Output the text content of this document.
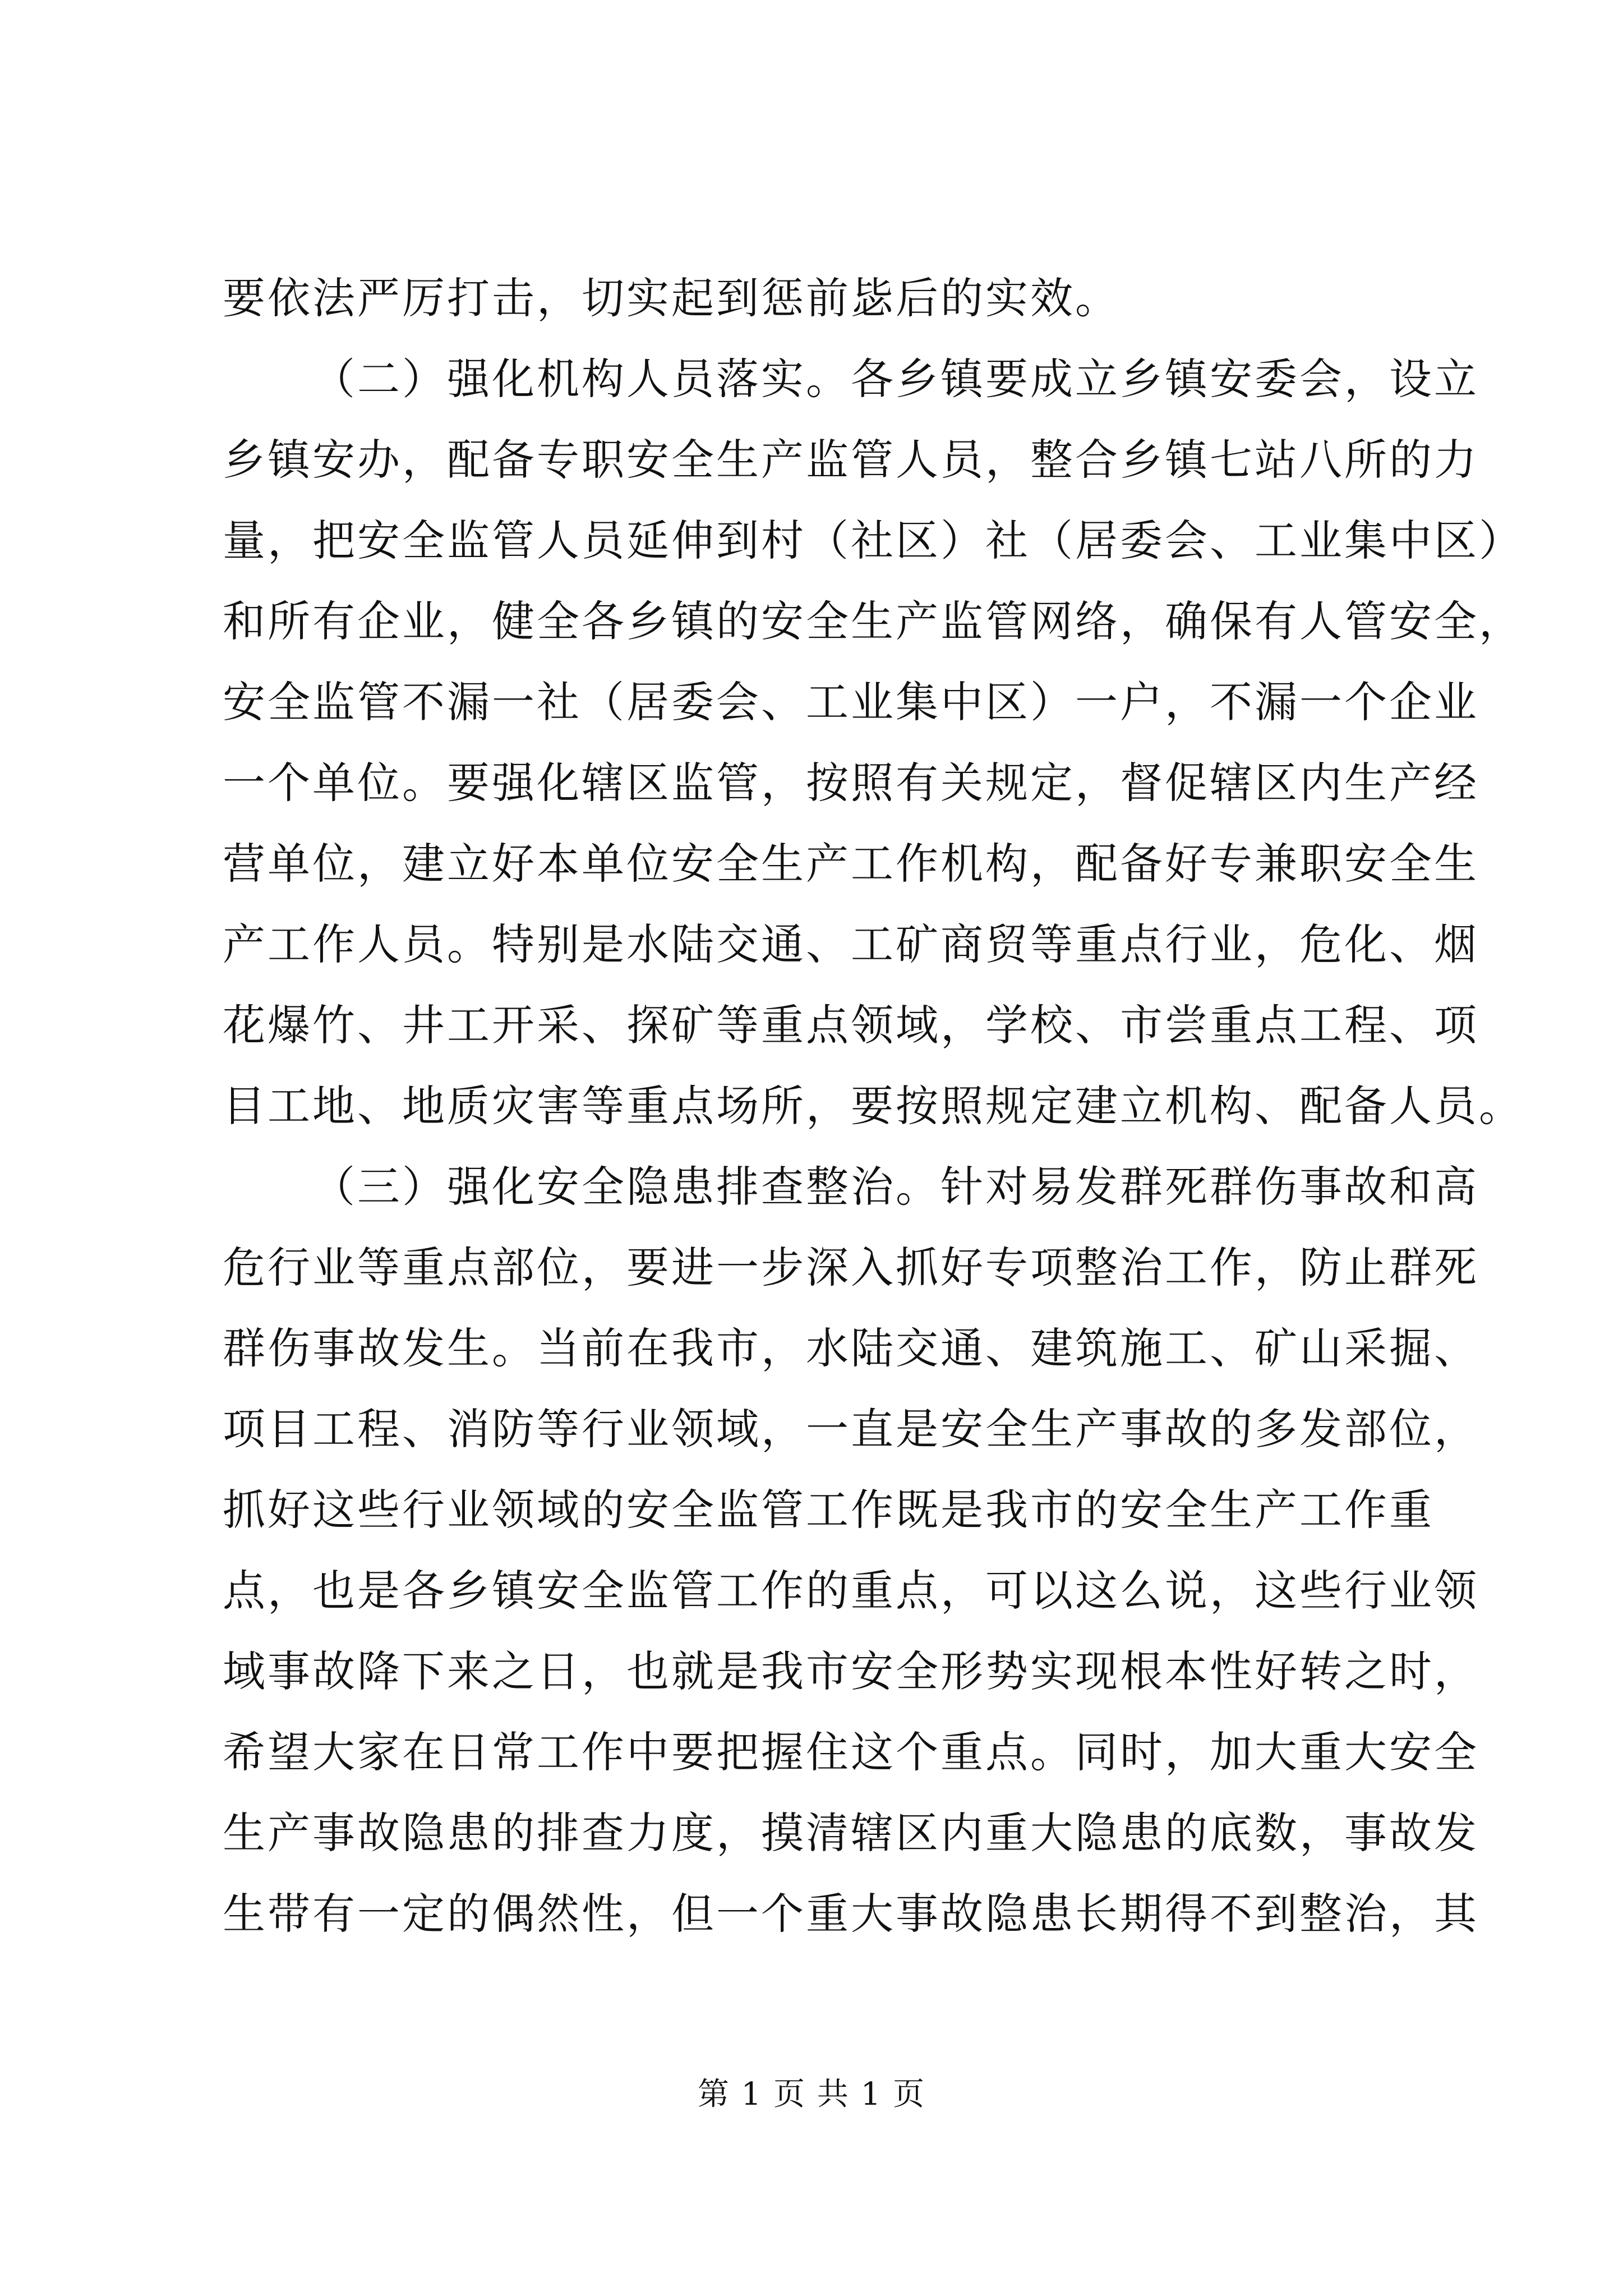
要依法严厉打击，切实起到惩前毖后的实效。
（二）强化机构人员落实。各乡镇要成立乡镇安委会，设立
乡镇安办，配备专职安全生产监管人员，整合乡镇七站八所的力
量，把安全监管人员延伸到村（社区）社（居委会、工业集中区）
和所有企业，健全各乡镇的安全生产监管网络，确保有人管安全，
安全监管不漏一社（居委会、工业集中区）一户，不漏一个企业
一个单位。要强化辖区监管，按照有关规定，督促辖区内生产经
营单位，建立好本单位安全生产工作机构，配备好专兼职安全生
产工作人员。特别是水陆交通、工矿商贸等重点行业，危化、烟
花爆竹、井工开采、探矿等重点领域，学校、市尝重点工程、项
目工地、地质灾害等重点场所，要按照规定建立机构、配备人员。
（三）强化安全隐患排查整治。针对易发群死群伤事故和高
危行业等重点部位，要进一步深入抓好专项整治工作，防止群死
群伤事故发生。当前在我市，水陆交通、建筑施工、矿山采掘、
项目工程、消防等行业领域，一直是安全生产事故的多发部位，
抓好这些行业领域的安全监管工作既是我市的安全生产工作重
点，也是各乡镇安全监管工作的重点，可以这么说，这些行业领
域事故降下来之日，也就是我市安全形势实现根本性好转之时，
希望大家在日常工作中要把握住这个重点。同时，加大重大安全
生产事故隐患的排查力度，摸清辖区内重大隐患的底数，事故发
生带有一定的偶然性，但一个重大事故隐患长期得不到整治，其
第 1 页 共 1 页
